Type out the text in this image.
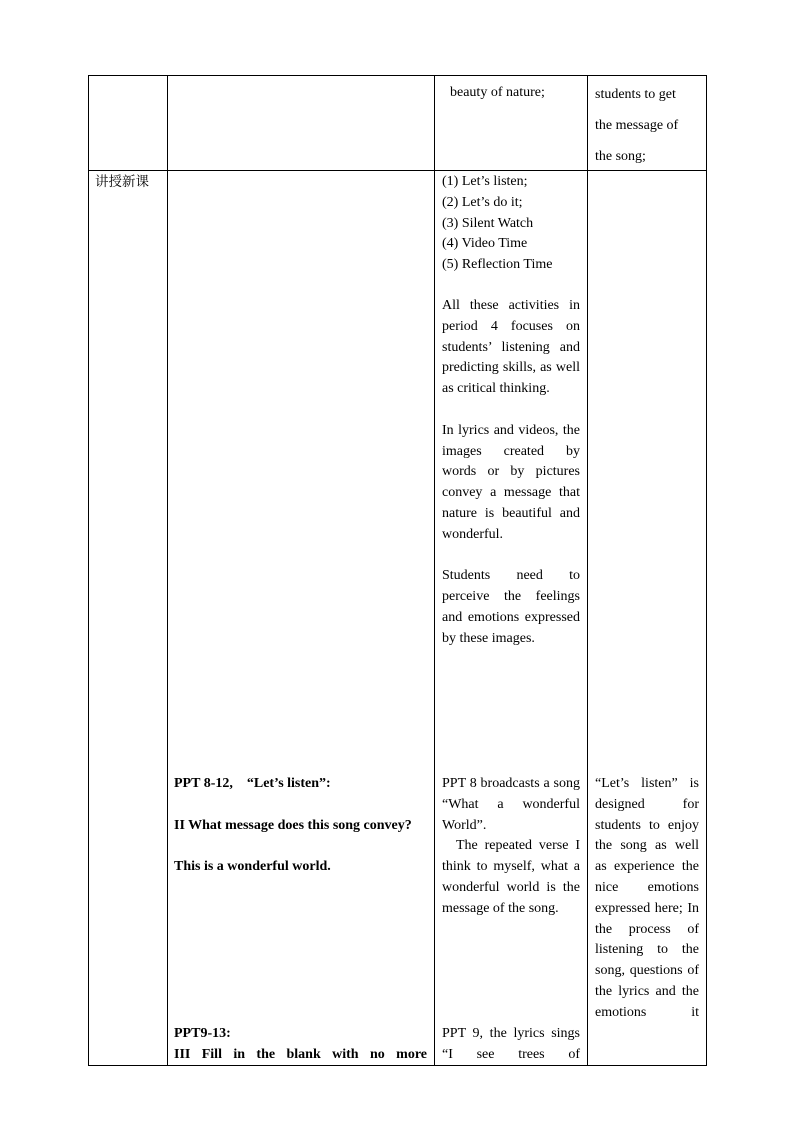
beauty of nature;	students to get

the message of

the song;

讲授新课

PPT 8-12,    “Let’s listen”:

II What message does this song convey?

This is a wonderful world.

PPT9-13:

III Fill in the blank with no more

(1) Let’s listen;

(2) Let’s do it;

(3) Silent Watch

(4) Video Time

(5) Reflection Time

All these activities in period 4 focuses on students’ listening and predicting skills, as well as critical thinking.

In lyrics and videos, the images created by words or by pictures convey a message that nature is beautiful and wonderful.

Students need to perceive the feelings and emotions expressed by these images.

PPT 8 broadcasts a song “What a wonderful World”.

The repeated verse I think to myself, what a wonderful world is the message of the song.

PPT 9, the lyrics sings “I see trees of

“Let’s listen” is designed for students to enjoy the song as well as experience the nice emotions expressed here; In the process of listening to the song, questions of the lyrics and the emotions it
